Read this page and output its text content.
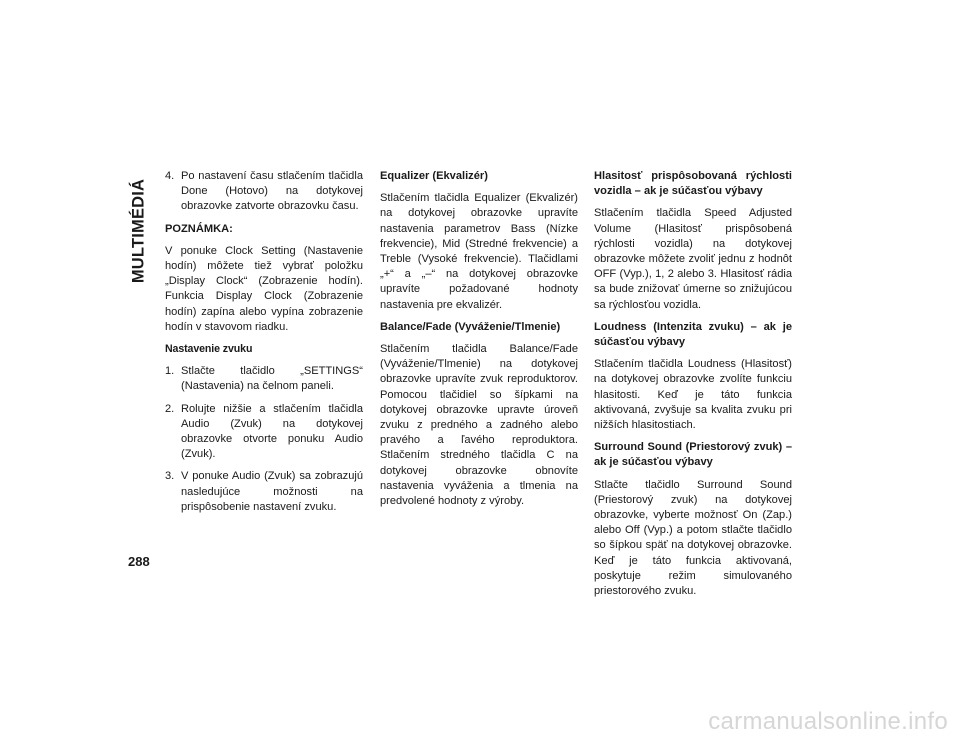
MULTIMÉDIÁ
288
4. Po nastavení času stlačením tlačidla Done (Hotovo) na dotykovej obrazovke zatvorte obrazovku času.

POZNÁMKA:

V ponuke Clock Setting (Nastavenie hodín) môžete tiež vybrať položku „Display Clock“ (Zobrazenie hodín). Funkcia Display Clock (Zobrazenie hodín) zapína alebo vypína zobrazenie hodín v stavovom riadku.

Nastavenie zvuku

1. Stlačte tlačidlo „SETTINGS“ (Nastavenia) na čelnom paneli.
2. Rolujte nižšie a stlačením tlačidla Audio (Zvuk) na dotykovej obrazovke otvorte ponuku Audio (Zvuk).
3. V ponuke Audio (Zvuk) sa zobrazujú nasledujúce možnosti na prispôsobenie nastavení zvuku.
Equalizer (Ekvalizér)

Stlačením tlačidla Equalizer (Ekvalizér) na dotykovej obrazovke upravíte nastavenia parametrov Bass (Nízke frekvencie), Mid (Stredné frekvencie) a Treble (Vysoké frekvencie). Tlačidlami „+“ a „–“ na dotykovej obrazovke upravíte požadované hodnoty nastavenia pre ekvalizér.

Balance/Fade (Vyváženie/Tlmenie)

Stlačením tlačidla Balance/Fade (Vyváženie/Tlmenie) na dotykovej obrazovke upravíte zvuk reproduktorov. Pomocou tlačidiel so šípkami na dotykovej obrazovke upravte úroveň zvuku z predného a zadného alebo pravého a ľavého reproduktora. Stlačením stredného tlačidla C na dotykovej obrazovke obnovíte nastavenia vyváženia a tlmenia na predvolené hodnoty z výroby.

Hlasitosť prispôsobovaná rýchlosti vozidla – ak je súčasťou výbavy

Stlačením tlačidla Speed Adjusted Volume (Hlasitosť prispôsobená rýchlosti vozidla) na dotykovej obrazovke môžete zvoliť jednu z hodnôt OFF (Vyp.), 1, 2 alebo 3. Hlasitosť rádia sa bude znižovať úmerne so znižujúcou sa rýchlosťou vozidla.

Loudness (Intenzita zvuku) – ak je súčasťou výbavy

Stlačením tlačidla Loudness (Hlasitosť) na dotykovej obrazovke zvolíte funkciu hlasitosti. Keď je táto funkcia aktivovaná, zvyšuje sa kvalita zvuku pri nižších hlasitostiach.

Surround Sound (Priestorový zvuk) – ak je súčasťou výbavy

Stlačte tlačidlo Surround Sound (Priestorový zvuk) na dotykovej obrazovke, vyberte možnosť On (Zap.) alebo Off (Vyp.) a potom stlačte tlačidlo so šípkou späť na dotykovej obrazovke. Keď je táto funkcia aktivovaná, poskytuje režim simulovaného priestorového zvuku.

carmanualsonline.info
